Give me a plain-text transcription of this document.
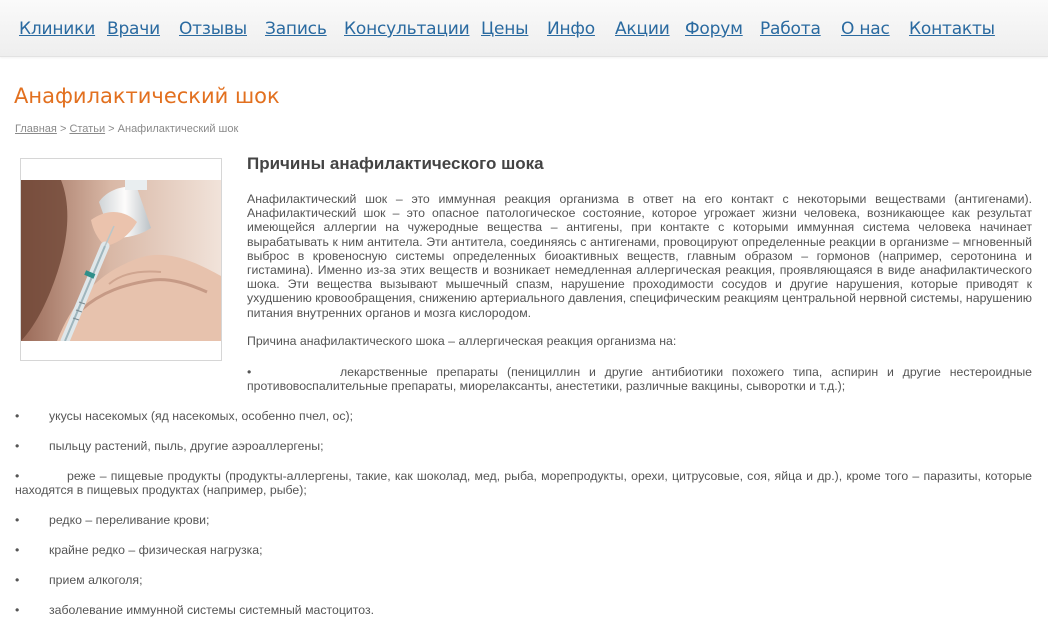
Клиники Врачи Отзывы Запись Консультации Цены Инфо Акции Форум Работа О нас Контакты
Анафилактический шок
Главная > Статьи > Анафилактический шок
Причины анафилактического шока

Анафилактический шок – это иммунная реакция организма в ответ на его контакт с некоторыми веществами (антигенами). Анафилактический шок – это опасное патологическое состояние, которое угрожает жизни человека, возникающее как результат имеющейся аллергии на чужеродные вещества – антигены, при контакте с которыми иммунная система человека начинает вырабатывать к ним антитела. Эти антитела, соединяясь с антигенами, провоцируют определенные реакции в организме – мгновенный выброс в кровеносную системы определенных биоактивных веществ, главным образом – гормонов (например, серотонина и гистамина). Именно из-за этих веществ и возникает немедленная аллергическая реакция, проявляющаяся в виде анафилактического шока. Эти вещества вызывают мышечный спазм, нарушение проходимости сосудов и другие нарушения, которые приводят к ухудшению кровообращения, снижению артериального давления, специфическим реакциям центральной нервной системы, нарушению питания внутренних органов и мозга кислородом.

Причина анафилактического шока – аллергическая реакция организма на:

•	лекарственные препараты (пенициллин и другие антибиотики похожего типа, аспирин и другие нестероидные противовоспалительные препараты, миорелаксанты, анестетики, различные вакцины, сыворотки и т.д.);

• укусы насекомых (яд насекомых, особенно пчел, ос);
• пыльцу растений, пыль, другие аэроаллергены;
•	реже – пищевые продукты (продукты-аллергены, такие, как шоколад, мед, рыба, морепродукты, орехи, цитрусовые, соя, яйца и др.), кроме того – паразиты, которые находятся в пищевых продуктах (например, рыбе);
• редко – переливание крови;
• крайне редко – физическая нагрузка;
• прием алкоголя;
• заболевание иммунной системы системный мастоцитоз.
